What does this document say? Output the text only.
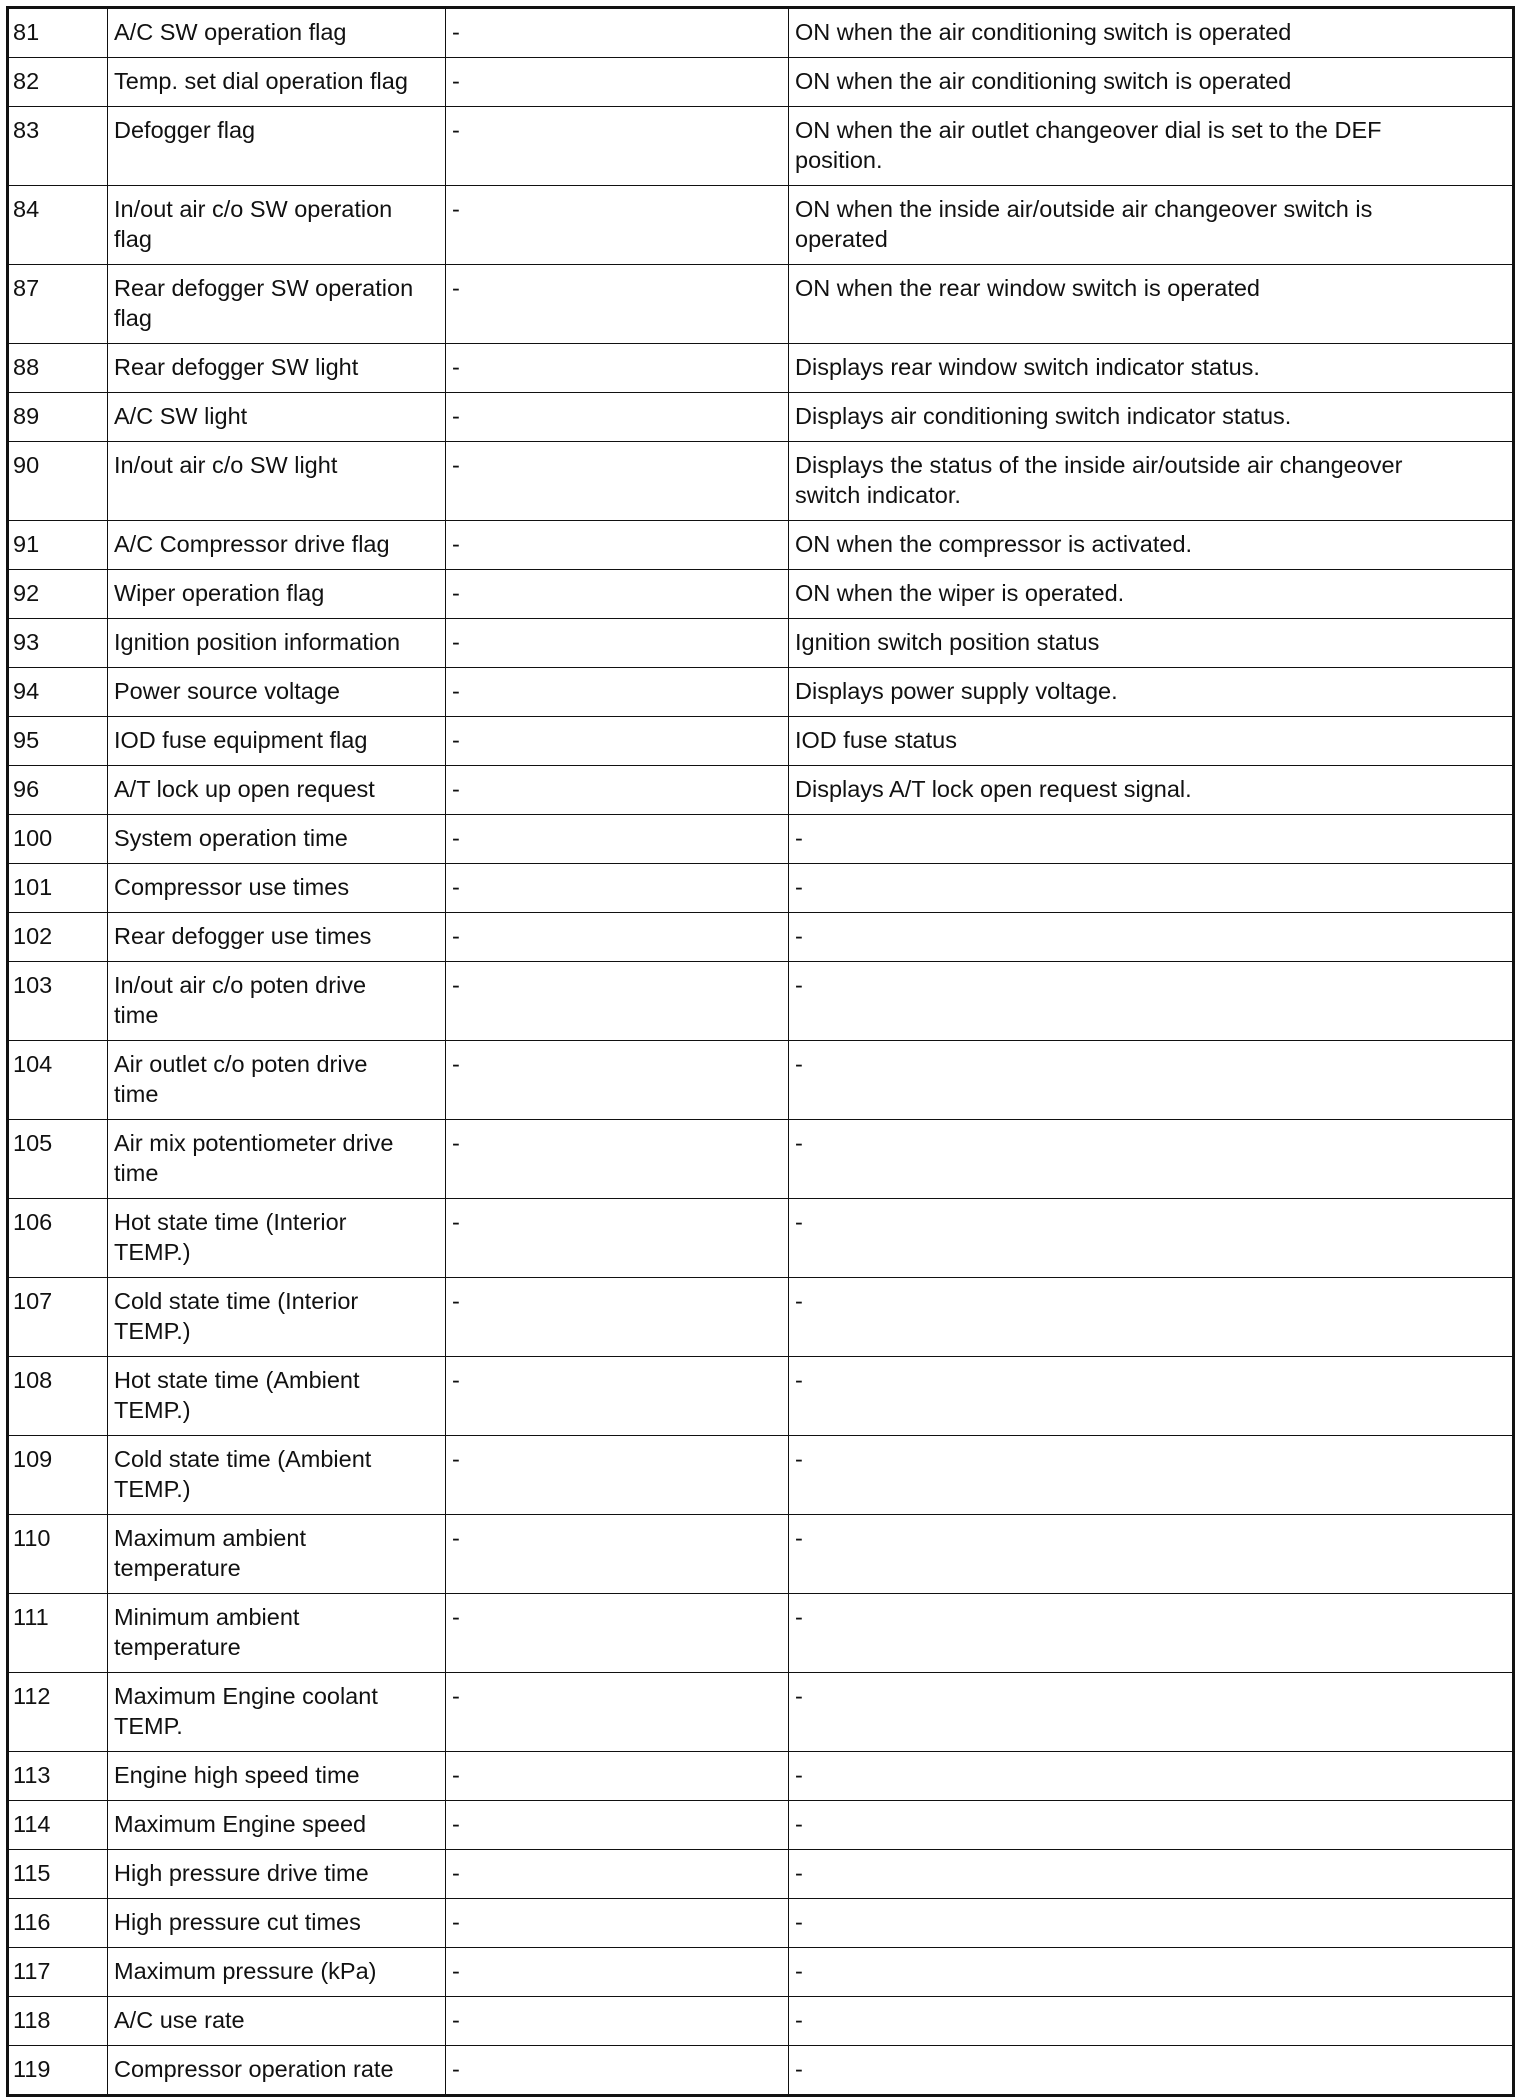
81	A/C SW operation flag	-	ON when the air conditioning switch is operated
82	Temp. set dial operation flag	-	ON when the air conditioning switch is operated
83	Defogger flag	-	ON when the air outlet changeover dial is set to the DEF
position.
84	In/out air c/o SW operation
flag	-	ON when the inside air/outside air changeover switch is
operated
87	Rear defogger SW operation
flag	-	ON when the rear window switch is operated
88	Rear defogger SW light	-	Displays rear window switch indicator status.
89	A/C SW light	-	Displays air conditioning switch indicator status.
90	In/out air c/o SW light	-	Displays the status of the inside air/outside air changeover
switch indicator.
91	A/C Compressor drive flag	-	ON when the compressor is activated.
92	Wiper operation flag	-	ON when the wiper is operated.
93	Ignition position information	-	Ignition switch position status
94	Power source voltage	-	Displays power supply voltage.
95	IOD fuse equipment flag	-	IOD fuse status
96	A/T lock up open request	-	Displays A/T lock open request signal.
100	System operation time	-	-
101	Compressor use times	-	-
102	Rear defogger use times	-	-
103	In/out air c/o poten drive
time	-	-
104	Air outlet c/o poten drive
time	-	-
105	Air mix potentiometer drive
time	-	-
106	Hot state time (Interior
TEMP.)	-	-
107	Cold state time (Interior
TEMP.)	-	-
108	Hot state time (Ambient
TEMP.)	-	-
109	Cold state time (Ambient
TEMP.)	-	-
110	Maximum ambient
temperature	-	-
111	Minimum ambient
temperature	-	-
112	Maximum Engine coolant
TEMP.	-	-
113	Engine high speed time	-	-
114	Maximum Engine speed	-	-
115	High pressure drive time	-	-
116	High pressure cut times	-	-
117	Maximum pressure (kPa)	-	-
118	A/C use rate	-	-
119	Compressor operation rate	-	-
